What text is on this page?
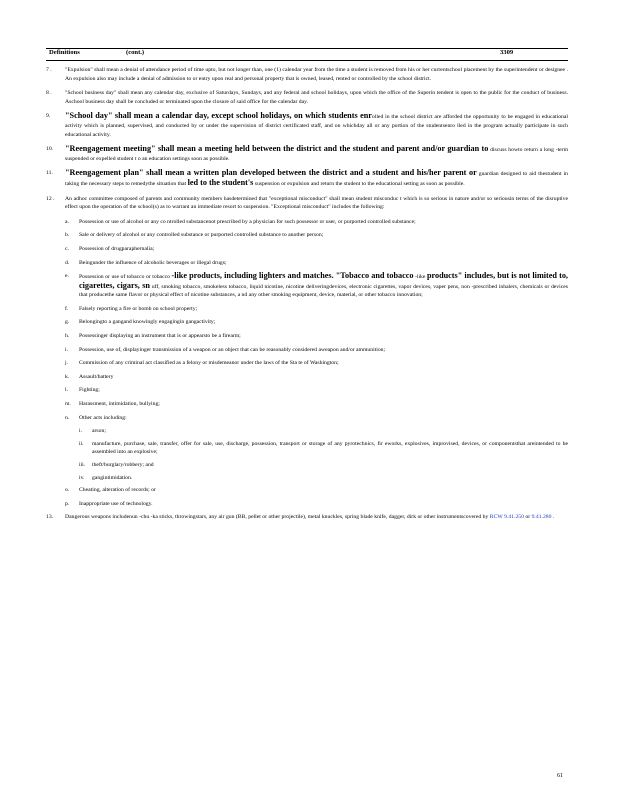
Definitions	(cont.)	3309
7 .	"Expulsion" shall mean a denial of attendance period of time upto, but not longer than, one (1) calendar year from the time a student is removed from his or her currentschool placement by the superintendent or designee . An expulsion also may include a denial of admission to or entry upon real and personal property that is owned, leased, rented or controlled by the school district.
8 .	"School business day" shall mean any calendar day, exclusive of Saturdays, Sundays, and any federal and school holidays, upon which the office of the Superin tendent is open to the public for the conduct of business. Aschool business day shall be concluded or terminated upon the closure of said office for the calendar day.
9.	"School day" shall mean a calendar day, except school holidays, on which students enrolled in the school district are afforded the opportunity to be engaged in educational activity which is planned, supervised, and conducted by or under the supervision of district certificated staff, and on whichday all or any portion of the studentsenro lled in the program actually participate in such educational activity.
10.	"Reengagement meeting" shall mean a meeting held between the district and the student and parent and/or guardian to discuss howto return a long -term suspended or expelled student t o an education settings soon as possible.
11.	"Reengagement plan" shall mean a written plan developed between the district and a student and his/her parent or guardian designed to aid thestudent in taking the necessary steps to remedythe situation that led to the student's suspension or expulsion and return the student to the educational setting as soon as possible.
12 .	An adhoc committee composed of parents and community members hasdetermined that "exceptional misconduct" shall mean student misconduc t which is so serious in nature and/or so seriousin terms of the disruptive effect upon the operation of the school(s) as to warrant an immediate resort to suspension. "Exceptional misconduct" includes the following:
a.	Possession or use of alcohol or any co ntrolled substancenot prescribed by a physician for such possessor or user, or purported controlled substance;
b.	Sale or delivery of alcohol or any controlled substance or purported controlled substance to another person;
c.	Possession of drugparaphernalia;
d.	Beingunder the influence of alcoholic beverages or illegal drugs;
e.	Possession or use of tobacco or tobacco -like products, including lighters and matches. "Tobacco and tobacco -like products" includes, but is not limited to, cigarettes, cigars, sn uff, smoking tobacco, smokeless tobacco, liquid nicotine, nicotine deliveringdevices, electronic cigarettes, vapor devices, vaper pens, non -prescribed inhalers, chemicals or devices that producethe same flavor or physical effect of nicotine substances, a nd any other smoking equipment, device, material, or other tobacco innovation;
f.	Falsely reporting a fire or bomb on school property;
g.	Belongingto a gangand knowingly engagingin gangactivity;
h.	Possessinger displaying an instrument that is or appearsto be a firearm;
i.	Possession, use of, displayinger transmission of a weapon or an object that can be reasonably considered aweapon and/or ammunition;
j.	Commission of any criminal act classified as a felony or misdemeanor under the laws of the Sta te of Washington;
k.	Assault/battery
l.	Fighting;
m.	Harassment, intimidation, bullying;
n.	Other acts including:
i.	arson;
ii.	manufacture, purchase, sale, transfer, offer for sale, use, discharge, possession, transport or storage of any pyrotechnics, fir eworks, explosives, improvised, devices, or componentsthat areintended to be assembled into an explosive;
iii.	theft/burglary/robbery; and
iv.	gangintimidation.
o.	Cheating, alteration of records; or
p.	Inappropriate use of technology.
13.	Dangerous weapons includenun -chu -ka sticks, throwingstars, any air gun (BB, pellet or other projectile), metal knuckles, spring blade knife, dagger, dirk or other instrumentscovered by RCW 9.41.250 or 9.41.280 .
61
